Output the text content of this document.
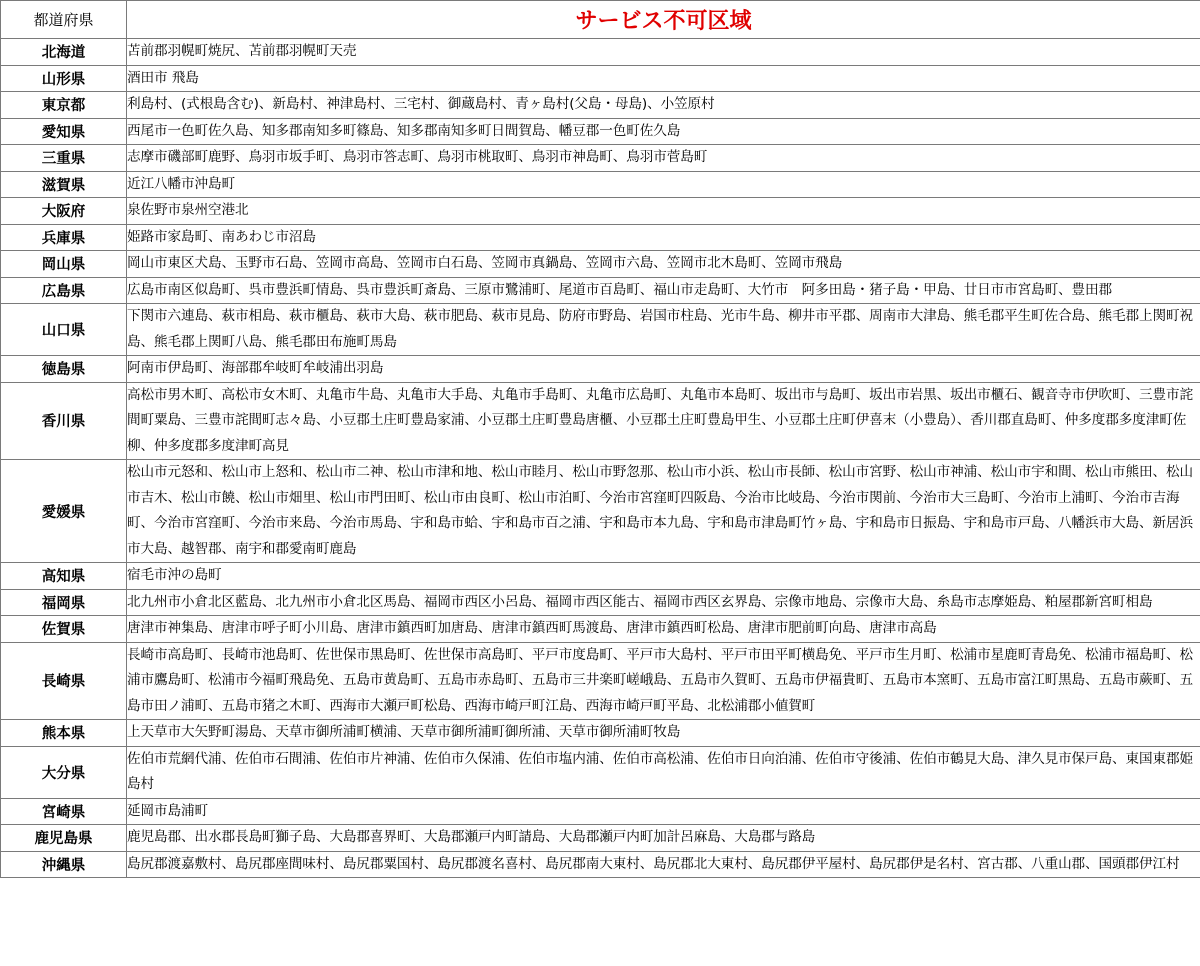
都道府県	サービス不可区域
北海道	苫前郡羽幌町焼尻、苫前郡羽幌町天売
山形県	酒田市 飛島
東京都	利島村、(式根島含む)、新島村、神津島村、三宅村、御蔵島村、青ヶ島村(父島・母島)、小笠原村
愛知県	西尾市一色町佐久島、知多郡南知多町篠島、知多郡南知多町日間賀島、幡豆郡一色町佐久島
三重県	志摩市磯部町鹿野、鳥羽市坂手町、鳥羽市答志町、鳥羽市桃取町、鳥羽市神島町、鳥羽市菅島町
滋賀県	近江八幡市沖島町
大阪府	泉佐野市泉州空港北
兵庫県	姫路市家島町、南あわじ市沼島
岡山県	岡山市東区犬島、玉野市石島、笠岡市高島、笠岡市白石島、笠岡市真鍋島、笠岡市六島、笠岡市北木島町、笠岡市飛島
広島県	広島市南区似島町、呉市豊浜町情島、呉市豊浜町斎島、三原市鷺浦町、尾道市百島町、福山市走島町、大竹市　阿多田島・猪子島・甲島、廿日市市宮島町、豊田郡
山口県	下関市六連島、萩市相島、萩市櫃島、萩市大島、萩市肥島、萩市見島、防府市野島、岩国市柱島、光市牛島、柳井市平郡、周南市大津島、熊毛郡平生町佐合島、熊毛郡上関町祝島、熊毛郡上関町八島、熊毛郡田布施町馬島
徳島県	阿南市伊島町、海部郡牟岐町牟岐浦出羽島
香川県	高松市男木町、高松市女木町、丸亀市牛島、丸亀市大手島、丸亀市手島町、丸亀市広島町、丸亀市本島町、坂出市与島町、坂出市岩黒、坂出市櫃石、観音寺市伊吹町、三豊市詫間町粟島、三豊市詫間町志々島、小豆郡土庄町豊島家浦、小豆郡土庄町豊島唐櫃、小豆郡土庄町豊島甲生、小豆郡土庄町伊喜末（小豊島）、香川郡直島町、仲多度郡多度津町佐柳、仲多度郡多度津町高見
愛媛県	松山市元怒和、松山市上怒和、松山市二神、松山市津和地、松山市睦月、松山市野忽那、松山市小浜、松山市長師、松山市宮野、松山市神浦、松山市宇和間、松山市熊田、松山市吉木、松山市饒、松山市畑里、松山市門田町、松山市由良町、松山市泊町、今治市宮窪町四阪島、今治市比岐島、今治市関前、今治市大三島町、今治市上浦町、今治市吉海町、今治市宮窪町、今治市来島、今治市馬島、宇和島市蛤、宇和島市百之浦、宇和島市本九島、宇和島市津島町竹ヶ島、宇和島市日振島、宇和島市戸島、八幡浜市大島、新居浜市大島、越智郡、南宇和郡愛南町鹿島
高知県	宿毛市沖の島町
福岡県	北九州市小倉北区藍島、北九州市小倉北区馬島、福岡市西区小呂島、福岡市西区能古、福岡市西区玄界島、宗像市地島、宗像市大島、糸島市志摩姫島、粕屋郡新宮町相島
佐賀県	唐津市神集島、唐津市呼子町小川島、唐津市鎮西町加唐島、唐津市鎮西町馬渡島、唐津市鎮西町松島、唐津市肥前町向島、唐津市高島
長崎県	長崎市高島町、長崎市池島町、佐世保市黒島町、佐世保市高島町、平戸市度島町、平戸市大島村、平戸市田平町横島免、平戸市生月町、松浦市星鹿町青島免、松浦市福島町、松浦市鷹島町、松浦市今福町飛島免、五島市黄島町、五島市赤島町、五島市三井楽町嵯峨島、五島市久賀町、五島市伊福貴町、五島市本窯町、五島市富江町黒島、五島市蕨町、五島市田ノ浦町、五島市猪之木町、西海市大瀬戸町松島、西海市崎戸町江島、西海市崎戸町平島、北松浦郡小値賀町
熊本県	上天草市大矢野町湯島、天草市御所浦町横浦、天草市御所浦町御所浦、天草市御所浦町牧島
大分県	佐伯市荒網代浦、佐伯市石間浦、佐伯市片神浦、佐伯市久保浦、佐伯市塩内浦、佐伯市高松浦、佐伯市日向泊浦、佐伯市守後浦、佐伯市鶴見大島、津久見市保戸島、東国東郡姫島村
宮崎県	延岡市島浦町
鹿児島県	鹿児島郡、出水郡長島町獅子島、大島郡喜界町、大島郡瀬戸内町請島、大島郡瀬戸内町加計呂麻島、大島郡与路島
沖縄県	島尻郡渡嘉敷村、島尻郡座間味村、島尻郡粟国村、島尻郡渡名喜村、島尻郡南大東村、島尻郡北大東村、島尻郡伊平屋村、島尻郡伊是名村、宮古郡、八重山郡、国頭郡伊江村
